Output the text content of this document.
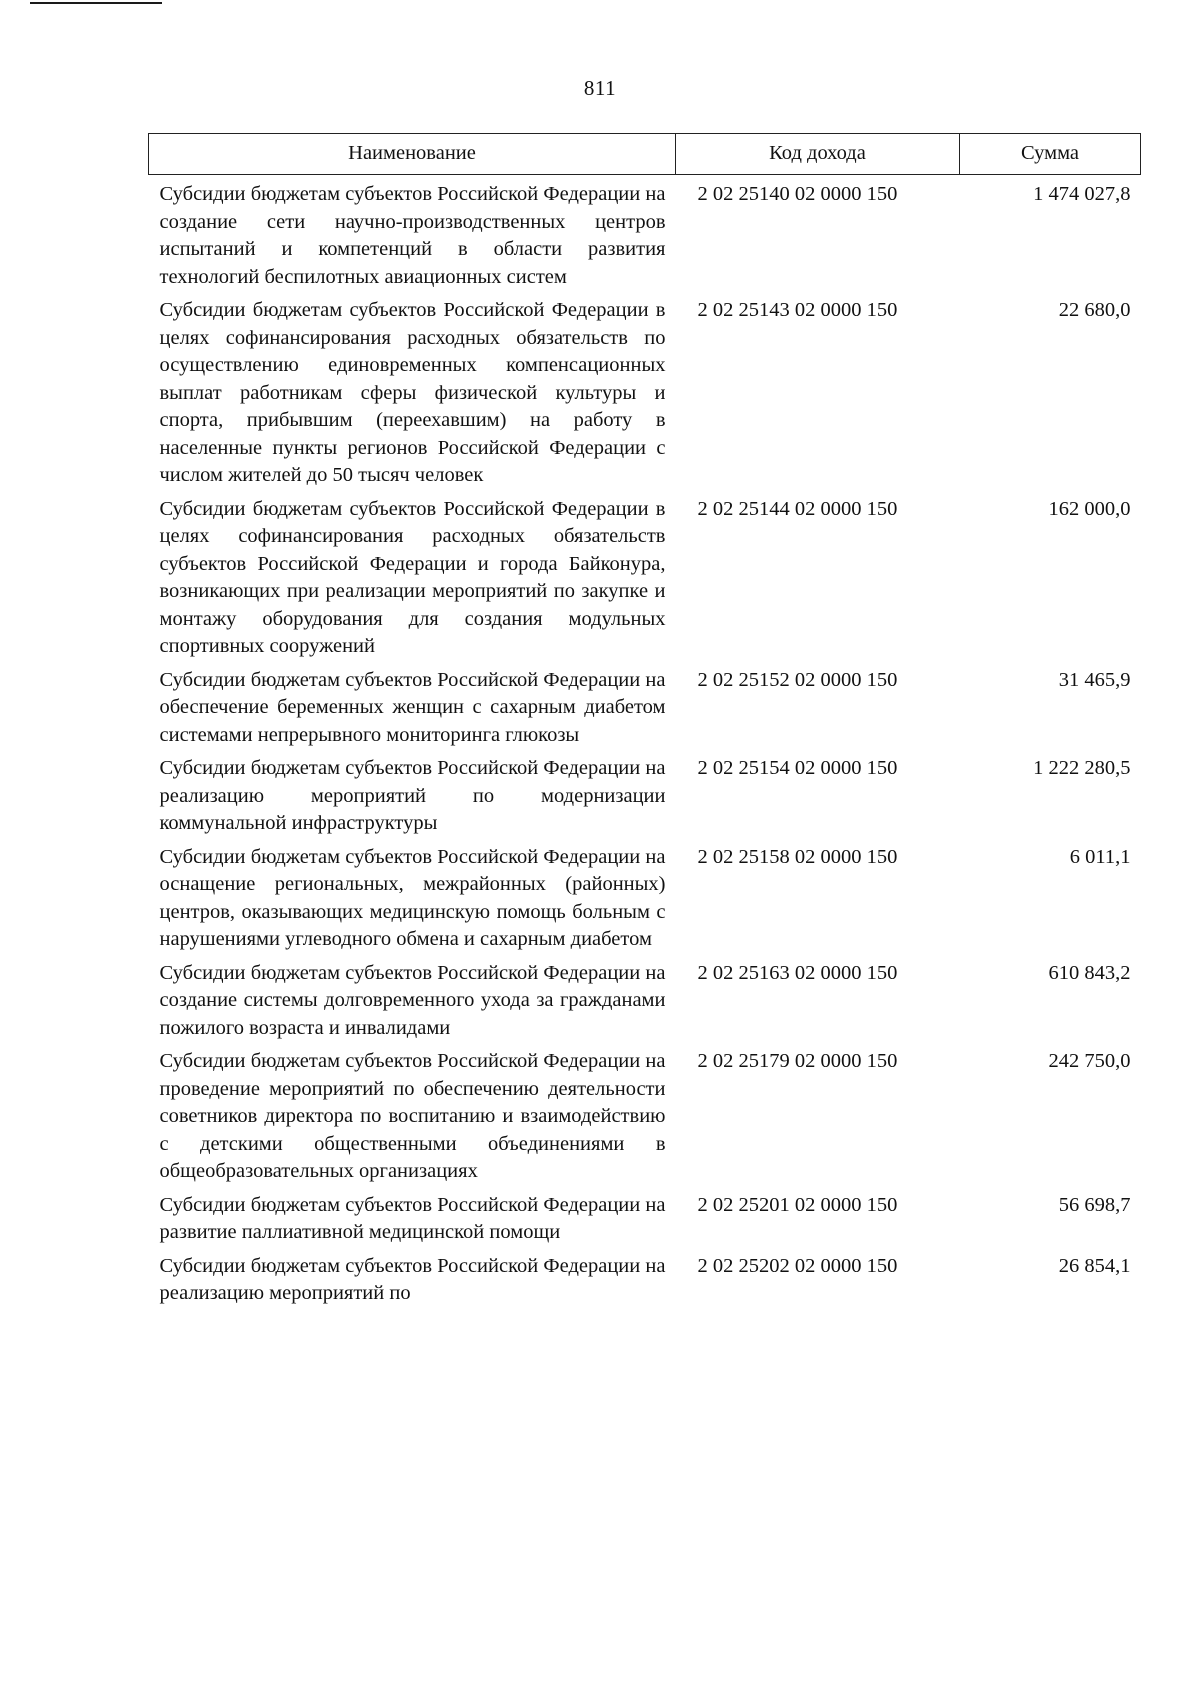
811
Наименование	Код дохода	Сумма
Субсидии бюджетам субъектов Российской Федерации на создание сети научно-производственных центров испытаний и компетенций в области развития технологий беспилотных авиационных систем	2 02 25140 02 0000 150	1 474 027,8
Субсидии бюджетам субъектов Российской Федерации в целях софинансирования расходных обязательств по осуществлению единовременных компенсационных выплат работникам сферы физической культуры и спорта, прибывшим (переехавшим) на работу в населенные пункты регионов Российской Федерации с числом жителей до 50 тысяч человек	2 02 25143 02 0000 150	22 680,0
Субсидии бюджетам субъектов Российской Федерации в целях софинансирования расходных обязательств субъектов Российской Федерации и города Байконура, возникающих при реализации мероприятий по закупке и монтажу оборудования для создания модульных спортивных сооружений	2 02 25144 02 0000 150	162 000,0
Субсидии бюджетам субъектов Российской Федерации на обеспечение беременных женщин с сахарным диабетом системами непрерывного мониторинга глюкозы	2 02 25152 02 0000 150	31 465,9
Субсидии бюджетам субъектов Российской Федерации на реализацию мероприятий по модернизации коммунальной инфраструктуры	2 02 25154 02 0000 150	1 222 280,5
Субсидии бюджетам субъектов Российской Федерации на оснащение региональных, межрайонных (районных) центров, оказывающих медицинскую помощь больным с нарушениями углеводного обмена и сахарным диабетом	2 02 25158 02 0000 150	6 011,1
Субсидии бюджетам субъектов Российской Федерации на создание системы долговременного ухода за гражданами пожилого возраста и инвалидами	2 02 25163 02 0000 150	610 843,2
Субсидии бюджетам субъектов Российской Федерации на проведение мероприятий по обеспечению деятельности советников директора по воспитанию и взаимодействию с детскими общественными объединениями в общеобразовательных организациях	2 02 25179 02 0000 150	242 750,0
Субсидии бюджетам субъектов Российской Федерации на развитие паллиативной медицинской помощи	2 02 25201 02 0000 150	56 698,7
Субсидии бюджетам субъектов Российской Федерации на реализацию мероприятий по	2 02 25202 02 0000 150	26 854,1
